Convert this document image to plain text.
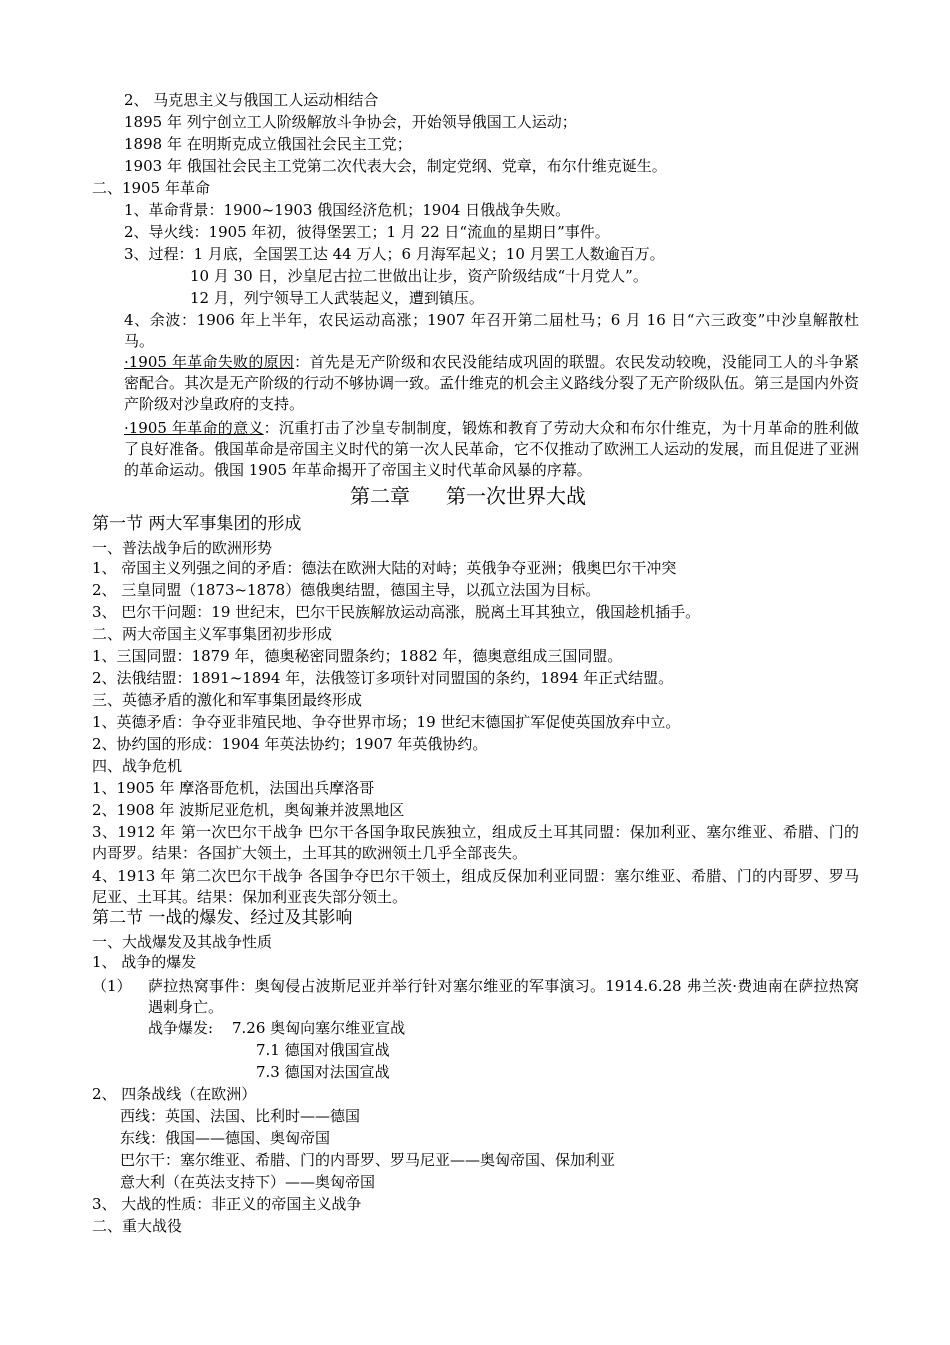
2、 马克思主义与俄国工人运动相结合
1895 年 列宁创立工人阶级解放斗争协会，开始领导俄国工人运动；
1898 年 在明斯克成立俄国社会民主工党；
1903 年 俄国社会民主工党第二次代表大会，制定党纲、党章，布尔什维克诞生。
二、1905 年革命
1、革命背景：1900~1903 俄国经济危机；1904 日俄战争失败。
2、导火线：1905 年初，彼得堡罢工；1 月 22 日“流血的星期日”事件。
3、过程：1 月底，全国罢工达 44 万人；6 月海军起义；10 月罢工人数逾百万。
10 月 30 日，沙皇尼古拉二世做出让步，资产阶级结成“十月党人”。
12 月，列宁领导工人武装起义，遭到镇压。
4、余波：1906 年上半年，农民运动高涨；1907 年召开第二届杜马；6 月 16 日“六三政变”中沙皇解散杜马。
·1905 年革命失败的原因：首先是无产阶级和农民没能结成巩固的联盟。农民发动较晚，没能同工人的斗争紧密配合。其次是无产阶级的行动不够协调一致。孟什维克的机会主义路线分裂了无产阶级队伍。第三是国内外资产阶级对沙皇政府的支持。
·1905 年革命的意义：沉重打击了沙皇专制制度，锻炼和教育了劳动大众和布尔什维克，为十月革命的胜利做了良好准备。俄国革命是帝国主义时代的第一次人民革命，它不仅推动了欧洲工人运动的发展，而且促进了亚洲的革命运动。俄国 1905 年革命揭开了帝国主义时代革命风暴的序幕。
第二章 第一次世界大战
第一节 两大军事集团的形成
一、普法战争后的欧洲形势
1、 帝国主义列强之间的矛盾：德法在欧洲大陆的对峙；英俄争夺亚洲；俄奥巴尔干冲突
2、 三皇同盟（1873~1878）德俄奥结盟，德国主导，以孤立法国为目标。
3、 巴尔干问题：19 世纪末，巴尔干民族解放运动高涨，脱离土耳其独立，俄国趁机插手。
二、两大帝国主义军事集团初步形成
1、三国同盟：1879 年，德奥秘密同盟条约；1882 年，德奥意组成三国同盟。
2、法俄结盟：1891~1894 年，法俄签订多项针对同盟国的条约，1894 年正式结盟。
三、英德矛盾的激化和军事集团最终形成
1、英德矛盾：争夺亚非殖民地、争夺世界市场；19 世纪末德国扩军促使英国放弃中立。
2、协约国的形成：1904 年英法协约；1907 年英俄协约。
四、战争危机
1、1905 年 摩洛哥危机，法国出兵摩洛哥
2、1908 年 波斯尼亚危机，奥匈兼并波黑地区
3、1912 年 第一次巴尔干战争 巴尔干各国争取民族独立，组成反土耳其同盟：保加利亚、塞尔维亚、希腊、门的内哥罗。结果：各国扩大领土，土耳其的欧洲领土几乎全部丧失。
4、1913 年 第二次巴尔干战争 各国争夺巴尔干领土，组成反保加利亚同盟：塞尔维亚、希腊、门的内哥罗、罗马尼亚、土耳其。结果：保加利亚丧失部分领土。
第二节 一战的爆发、经过及其影响
一、大战爆发及其战争性质
1、 战争的爆发
（1） 萨拉热窝事件：奥匈侵占波斯尼亚并举行针对塞尔维亚的军事演习。1914.6.28 弗兰茨·费迪南在萨拉热窝遇刺身亡。
战争爆发: 7.26 奥匈向塞尔维亚宣战
7.1 德国对俄国宣战
7.3 德国对法国宣战
2、 四条战线（在欧洲）
西线：英国、法国、比利时——德国
东线：俄国——德国、奥匈帝国
巴尔干：塞尔维亚、希腊、门的内哥罗、罗马尼亚——奥匈帝国、保加利亚
意大利（在英法支持下）——奥匈帝国
3、 大战的性质：非正义的帝国主义战争
二、重大战役
